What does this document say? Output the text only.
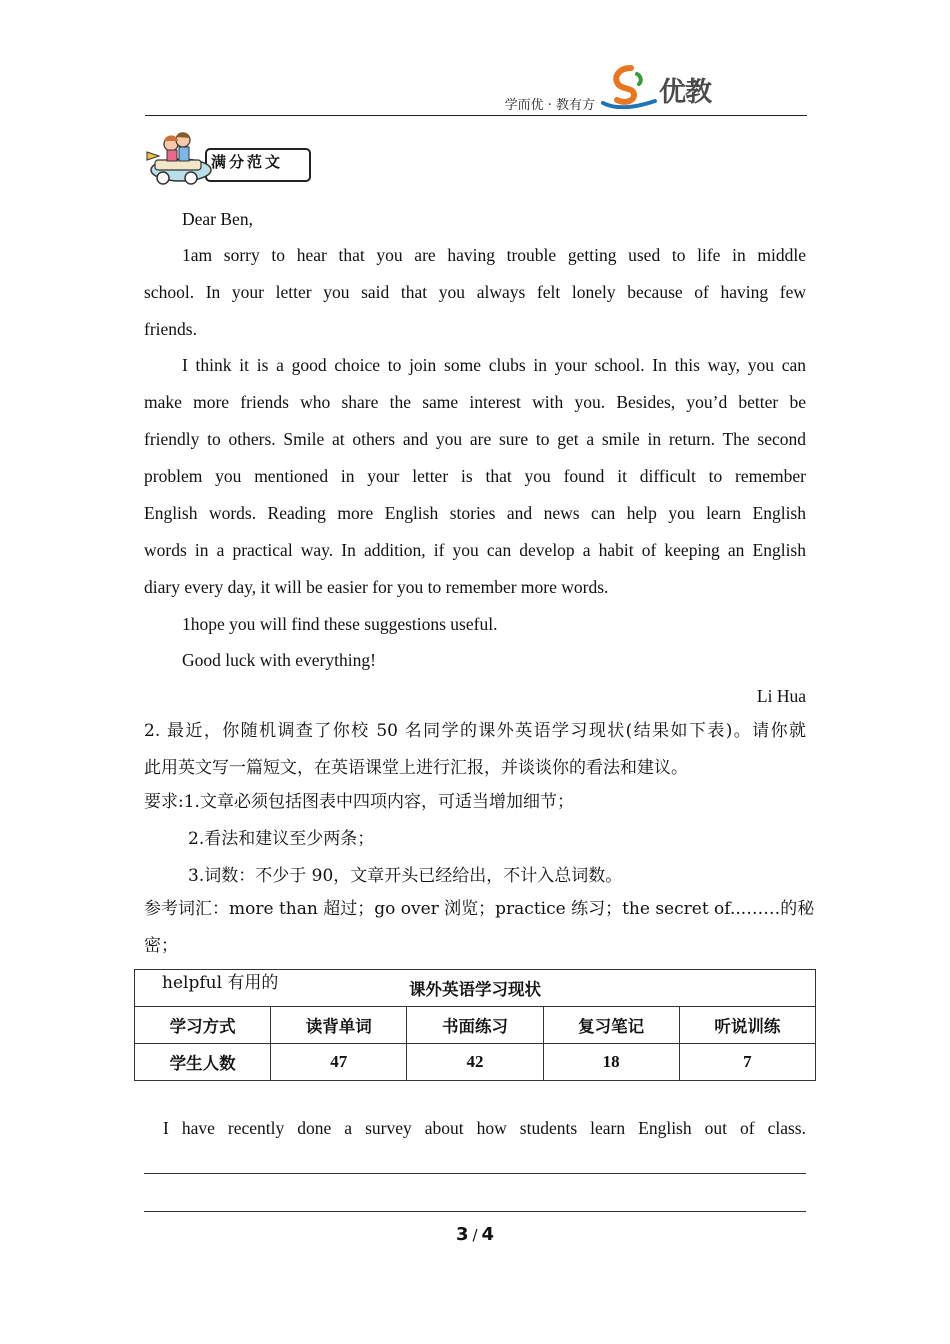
学而优 · 教有方 优教
满分范文
Dear Ben,
1am sorry to hear that you are having trouble getting used to life in middle
school. In your letter you said that you always felt lonely because of having few
friends.
I think it is a good choice to join some clubs in your school. In this way, you can
make more friends who share the same interest with you. Besides, you’d better be
friendly to others. Smile at others and you are sure to get a smile in return. The second
problem you mentioned in your letter is that you found it difficult to remember
English words. Reading more English stories and news can help you learn English
words in a practical way. In addition, if you can develop a habit of keeping an English
diary every day, it will be easier for you to remember more words.
1hope you will find these suggestions useful.
Good luck with everything!
Li Hua
2. 最近，你随机调查了你校 50 名同学的课外英语学习现状(结果如下表)。请你就
此用英文写一篇短文，在英语课堂上进行汇报，并谈谈你的看法和建议。
要求:1.文章必须包括图表中四项内容，可适当增加细节；
2.看法和建议至少两条；
3.词数：不少于 90，文章开头已经给出，不计入总词数。
参考词汇：more than 超过；go over 浏览；practice 练习；the secret of...……的秘密；
helpful 有用的	课外英语学习现状				
学习方式	读背单词	书面练习	复习笔记	听说训练
学生人数	47	42	18	7
I have recently done a survey about how students learn English out of class.
3 / 4
